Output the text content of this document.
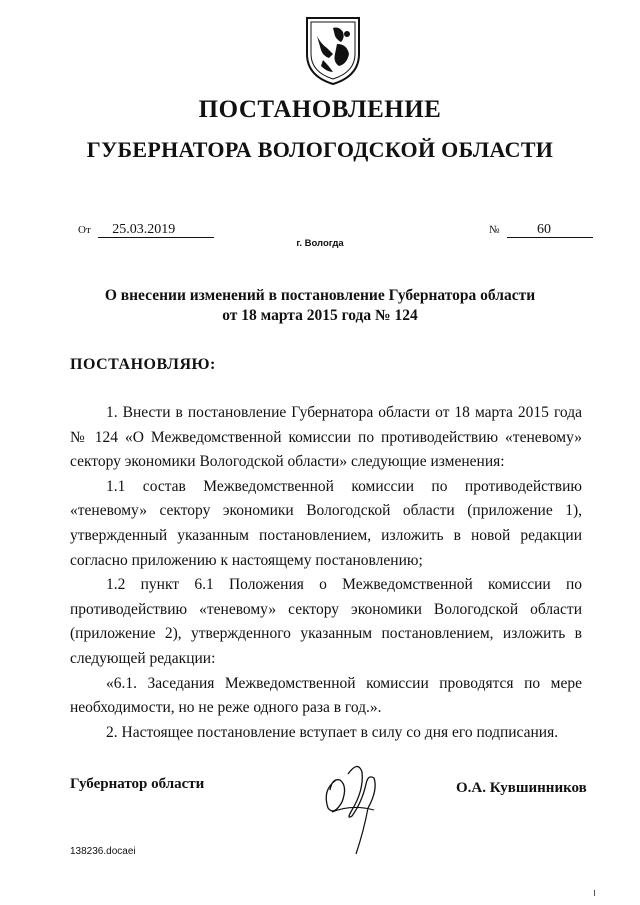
ПОСТАНОВЛЕНИЕ
ГУБЕРНАТОРА ВОЛОГОДСКОЙ ОБЛАСТИ
От 25.03.2019	№	60
г. Вологда
О внесении изменений в постановление Губернатора области
от 18 марта 2015 года № 124
ПОСТАНОВЛЯЮ:

1. Внести в постановление Губернатора области от 18 марта 2015 года № 124 «О Межведомственной комиссии по противодействию «теневому» сектору экономики Вологодской области» следующие изменения:

1.1 состав Межведомственной комиссии по противодействию «теневому» сектору экономики Вологодской области (приложение 1), утвержденный указанным постановлением, изложить в новой редакции согласно приложению к настоящему постановлению;

1.2 пункт 6.1 Положения о Межведомственной комиссии по противодействию «теневому» сектору экономики Вологодской области (приложение 2), утвержденного указанным постановлением, изложить в следующей редакции:

«6.1. Заседания Межведомственной комиссии проводятся по мере необходимости, но не реже одного раза в год.».

2. Настоящее постановление вступает в силу со дня его подписания.

Губернатор области	О.А. Кувшинников
138236.docaei
